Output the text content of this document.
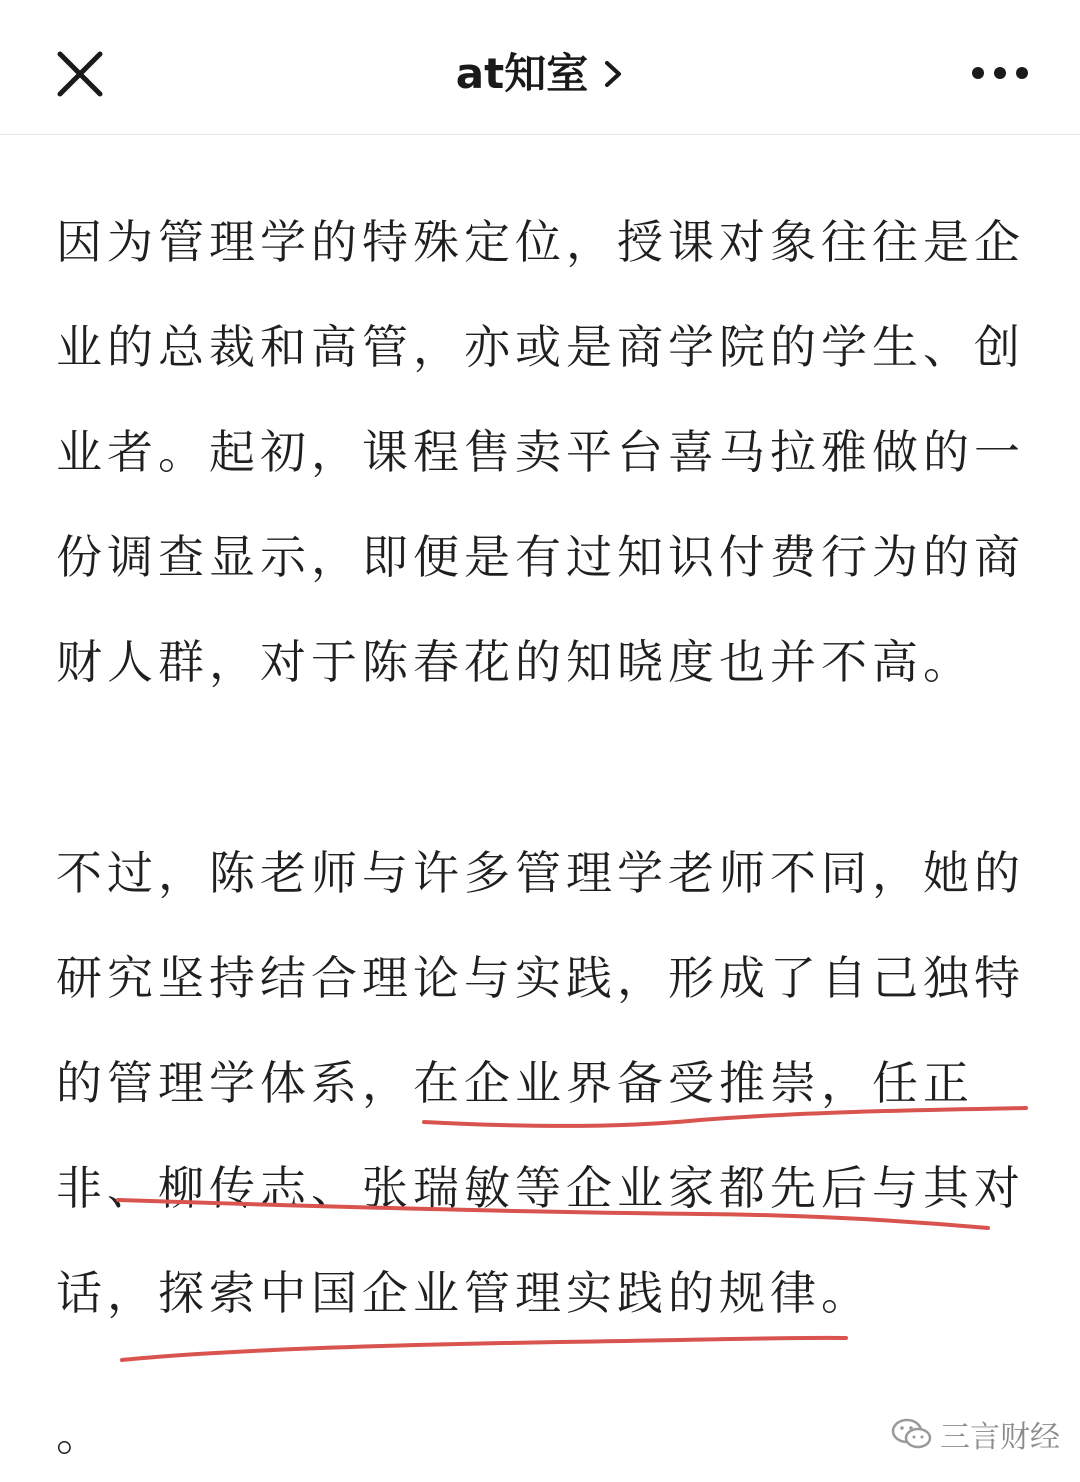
at知室

因为管理学的特殊定位，授课对象往往是企
业的总裁和高管，亦或是商学院的学生、创
业者。起初，课程售卖平台喜马拉雅做的一
份调查显示，即便是有过知识付费行为的商
财人群，对于陈春花的知晓度也并不高。

不过，陈老师与许多管理学老师不同，她的
研究坚持结合理论与实践，形成了自己独特
的管理学体系，在企业界备受推崇，任正
非、柳传志、张瑞敏等企业家都先后与其对
话，探索中国企业管理实践的规律。

。	三言财经
